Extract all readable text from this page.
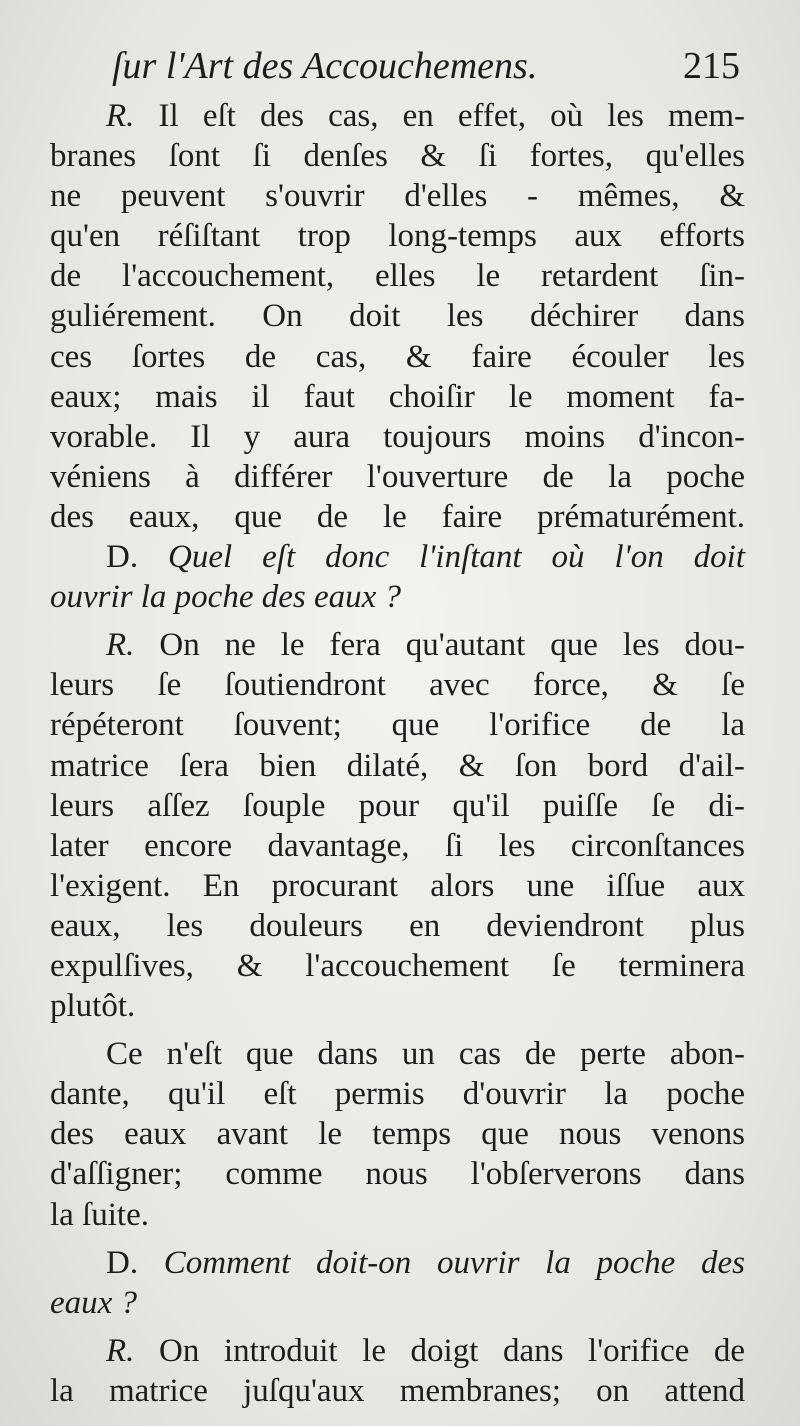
ſur l'Art des Accouchemens.	215
R. Il eſt des cas, en effet, où les mem-
branes ſont ſi denſes & ſi fortes, qu'elles
ne peuvent s'ouvrir d'elles - mêmes, &
qu'en réſiſtant trop long-temps aux efforts
de l'accouchement, elles le retardent ſin-
guliérement. On doit les déchirer dans
ces ſortes de cas, & faire écouler les
eaux; mais il faut choiſir le moment fa-
vorable. Il y aura toujours moins d'incon-
véniens à différer l'ouverture de la poche
des eaux, que de le faire prématurément.
D. Quel eſt donc l'inſtant où l'on doit
ouvrir la poche des eaux ?
R. On ne le fera qu'autant que les dou-
leurs ſe ſoutiendront avec force, & ſe
répéteront ſouvent; que l'orifice de la
matrice ſera bien dilaté, & ſon bord d'ail-
leurs aſſez ſouple pour qu'il puiſſe ſe di-
later encore davantage, ſi les circonſtances
l'exigent. En procurant alors une iſſue aux
eaux, les douleurs en deviendront plus
expulſives, & l'accouchement ſe terminera
plutôt.
Ce n'eſt que dans un cas de perte abon-
dante, qu'il eſt permis d'ouvrir la poche
des eaux avant le temps que nous venons
d'aſſigner; comme nous l'obſerverons dans
la ſuite.
D. Comment doit-on ouvrir la poche des
eaux ?
R. On introduit le doigt dans l'orifice de
la matrice juſqu'aux membranes; on attend
